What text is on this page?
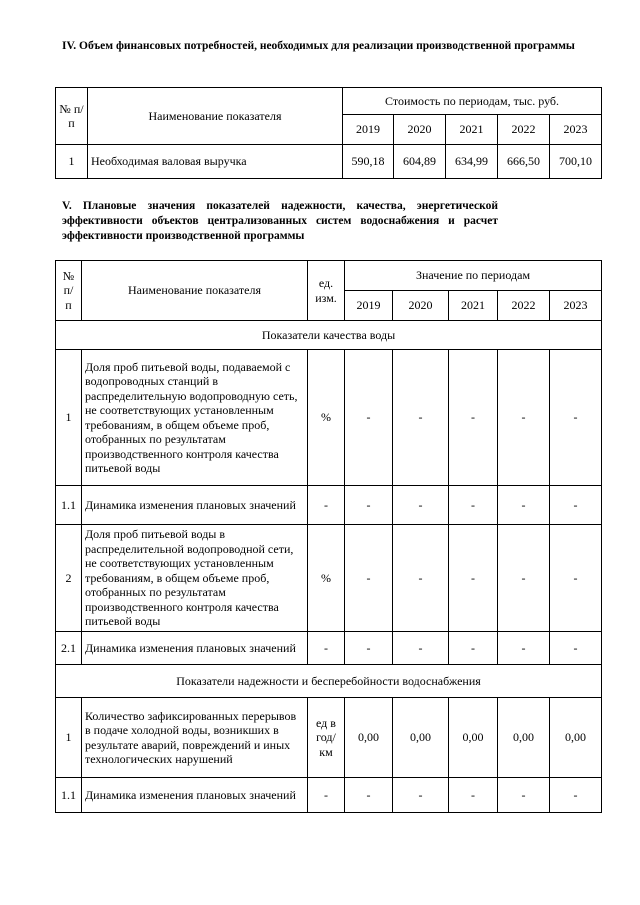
IV. Объем финансовых потребностей, необходимых для реализации производственной программы
№ п/п	Наименование показателя	Стоимость по периодам, тыс. руб.				
		2019	2020	2021	2022	2023
1	Необходимая валовая выручка	590,18	604,89	634,99	666,50	700,10
V. Плановые значения показателей надежности, качества, энергетической эффективности объектов централизованных систем водоснабжения и расчет эффективности производственной программы
№ п/ п	Наименование показателя	ед. изм.	Значение по периодам				
			2019	2020	2021	2022	2023
Показатели качества воды							
1	Доля проб питьевой воды, подаваемой с водопроводных станций в распределительную водопроводную сеть, не соответствующих установленным требованиям, в общем объеме проб, отобранных по результатам производственного контроля качества питьевой воды	%	-	-	-	-	-
1.1	Динамика изменения плановых значений	-	-	-	-	-	-
2	Доля проб питьевой воды в распределительной водопроводной сети, не соответствующих установленным требованиям, в общем объеме проб, отобранных по результатам производственного контроля качества питьевой воды	%	-	-	-	-	-
2.1	Динамика изменения плановых значений	-	-	-	-	-	-
Показатели надежности и бесперебойности водоснабжения							
1	Количество зафиксированных перерывов в подаче холодной воды, возникших в результате аварий, повреждений и иных технологических нарушений	ед в год/ км	0,00	0,00	0,00	0,00	0,00
1.1	Динамика изменения плановых значений	-	-	-	-	-	-
